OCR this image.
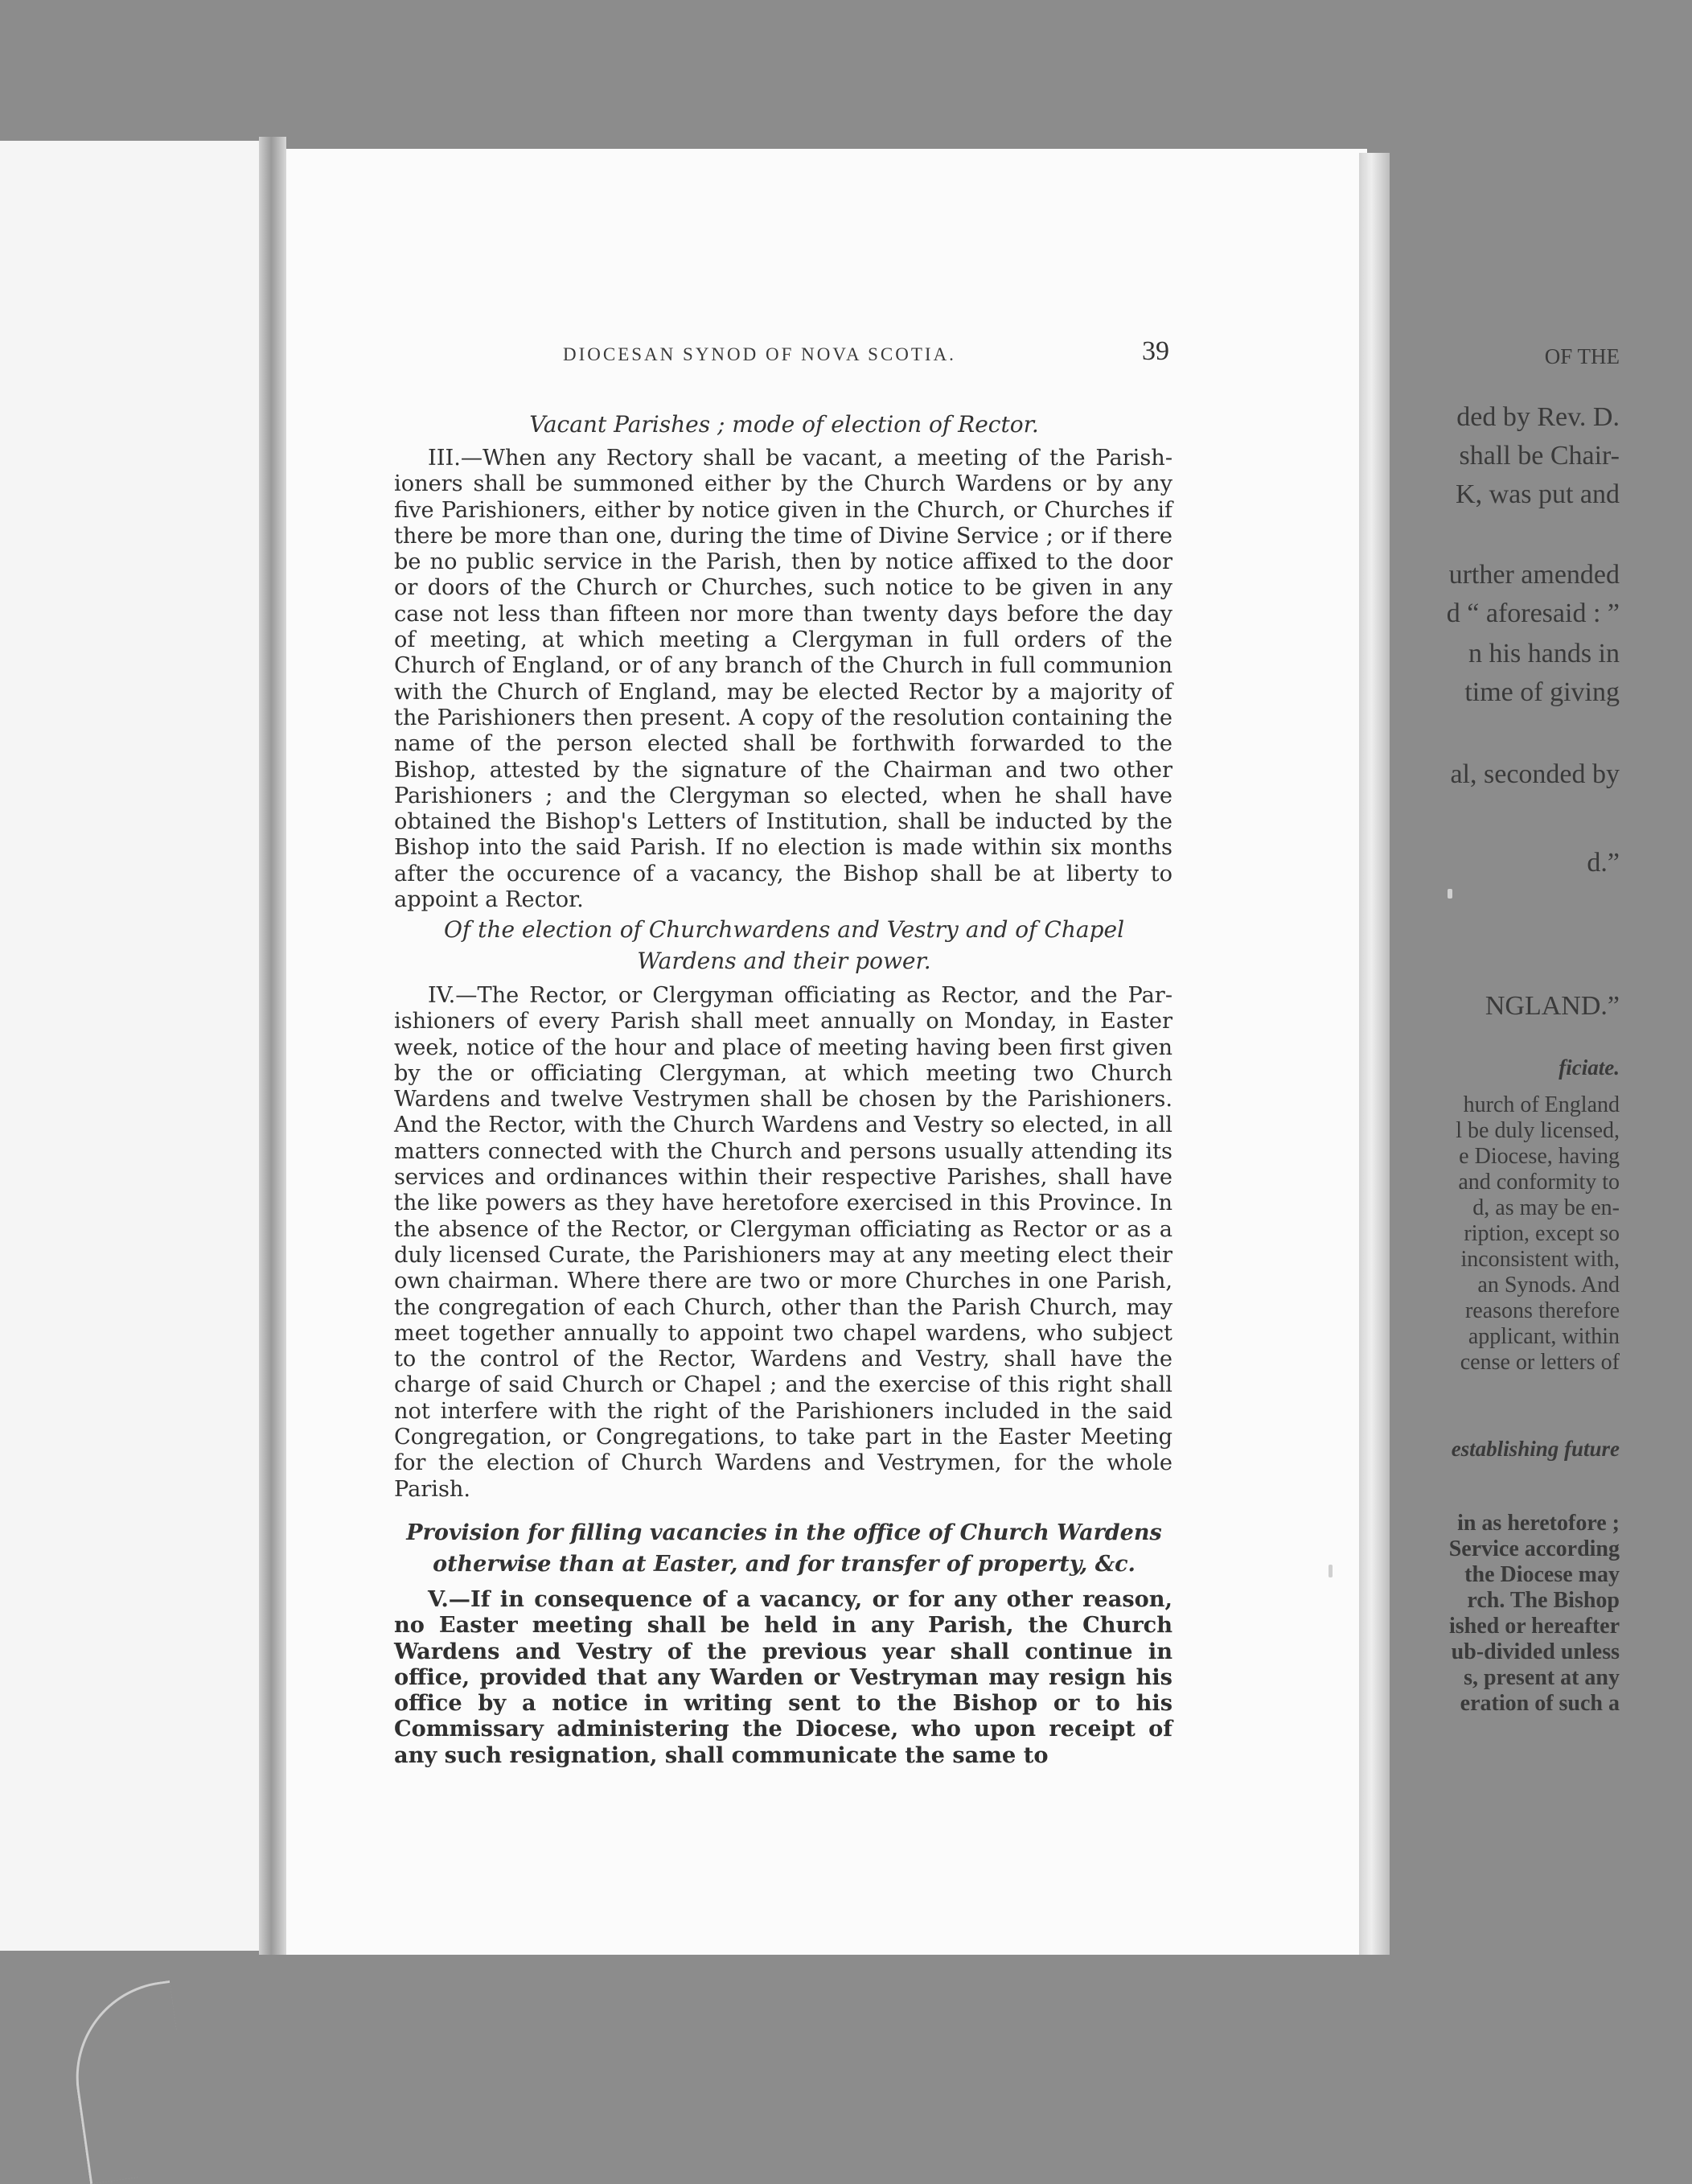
OF THE
ded by Rev. D.
shall be Chair-
K, was put and
urther amended
d “ aforesaid : ”
n his hands in
time of giving
al, seconded by
d.”
NGLAND.”
ficiate.
hurch of England
l be duly licensed,
e Diocese, having
and conformity to
d, as may be en-
ription, except so
inconsistent with,
an Synods. And
reasons therefore
applicant, within
cense or letters of
establishing future
in as heretofore ;
Service according
the Diocese may
rch. The Bishop
ished or hereafter
ub-divided unless
s, present at any
eration of such a
DIOCESAN SYNOD OF NOVA SCOTIA.	39
Vacant Parishes ; mode of election of Rector.
III.—When any Rectory shall be vacant, a meeting of the Parishioners shall be summoned either by the Church Wardens or by any five Parishioners, either by notice given in the Church, or Churches if there be more than one, during the time of Divine Service ; or if there be no public service in the Parish, then by notice affixed to the door or doors of the Church or Churches, such notice to be given in any case not less than fifteen nor more than twenty days before the day of meeting, at which meeting a Clergyman in full orders of the Church of England, or of any branch of the Church in full communion with the Church of England, may be elected Rector by a majority of the Parishioners then present. A copy of the resolution containing the name of the person elected shall be forthwith forwarded to the Bishop, attested by the signature of the Chairman and two other Parishioners ; and the Clergyman so elected, when he shall have obtained the Bishop's Letters of Institution, shall be inducted by the Bishop into the said Parish. If no election is made within six months after the occurence of a vacancy, the Bishop shall be at liberty to appoint a Rector.
Of the election of Churchwardens and Vestry and of Chapel Wardens and their power.
IV.—The Rector, or Clergyman officiating as Rector, and the Parishioners of every Parish shall meet annually on Monday, in Easter week, notice of the hour and place of meeting having been first given by the or officiating Clergyman, at which meeting two Church Wardens and twelve Vestrymen shall be chosen by the Parishioners. And the Rector, with the Church Wardens and Vestry so elected, in all matters connected with the Church and persons usually attending its services and ordinances within their respective Parishes, shall have the like powers as they have heretofore exercised in this Province. In the absence of the Rector, or Clergyman officiating as Rector or as a duly licensed Curate, the Parishioners may at any meeting elect their own chairman. Where there are two or more Churches in one Parish, the congregation of each Church, other than the Parish Church, may meet together annually to appoint two chapel wardens, who subject to the control of the Rector, Wardens and Vestry, shall have the charge of said Church or Chapel ; and the exercise of this right shall not interfere with the right of the Parishioners included in the said Congregation, or Congregations, to take part in the Easter Meeting for the election of Church Wardens and Vestrymen, for the whole Parish.
Provision for filling vacancies in the office of Church Wardens otherwise than at Easter, and for transfer of property, &c.
V.—If in consequence of a vacancy, or for any other reason, no Easter meeting shall be held in any Parish, the Church Wardens and Vestry of the previous year shall continue in office, provided that any Warden or Vestryman may resign his office by a notice in writing sent to the Bishop or to his Commissary administering the Diocese, who upon receipt of any such resignation, shall communicate the same to
